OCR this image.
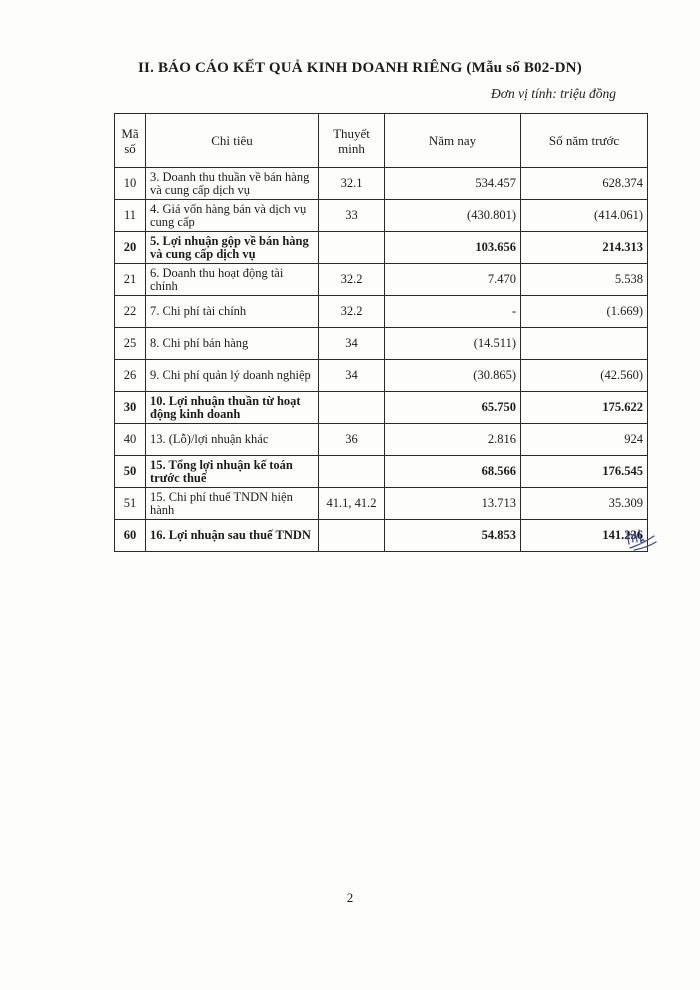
II. BÁO CÁO KẾT QUẢ KINH DOANH RIÊNG (Mẫu số B02-DN)
Đơn vị tính: triệu đồng
Mã số	Chỉ tiêu	Thuyết minh	Năm nay	Số năm trước
10	3. Doanh thu thuần về bán hàng và cung cấp dịch vụ	32.1	534.457	628.374
11	4. Giá vốn hàng bán và dịch vụ cung cấp	33	(430.801)	(414.061)
20	5. Lợi nhuận gộp về bán hàng và cung cấp dịch vụ		103.656	214.313
21	6. Doanh thu hoạt động tài chính	32.2	7.470	5.538
22	7. Chi phí tài chính	32.2	-	(1.669)
25	8. Chi phí bán hàng	34	(14.511)	
26	9. Chi phí quản lý doanh nghiệp	34	(30.865)	(42.560)
30	10. Lợi nhuận thuần từ hoạt động kinh doanh		65.750	175.622
40	13. (Lỗ)/lợi nhuận khác	36	2.816	924
50	15. Tổng lợi nhuận kế toán trước thuế		68.566	176.545
51	15. Chi phí thuế TNDN hiện hành	41.1, 41.2	13.713	35.309
60	16. Lợi nhuận sau thuế TNDN		54.853	141.236
2
